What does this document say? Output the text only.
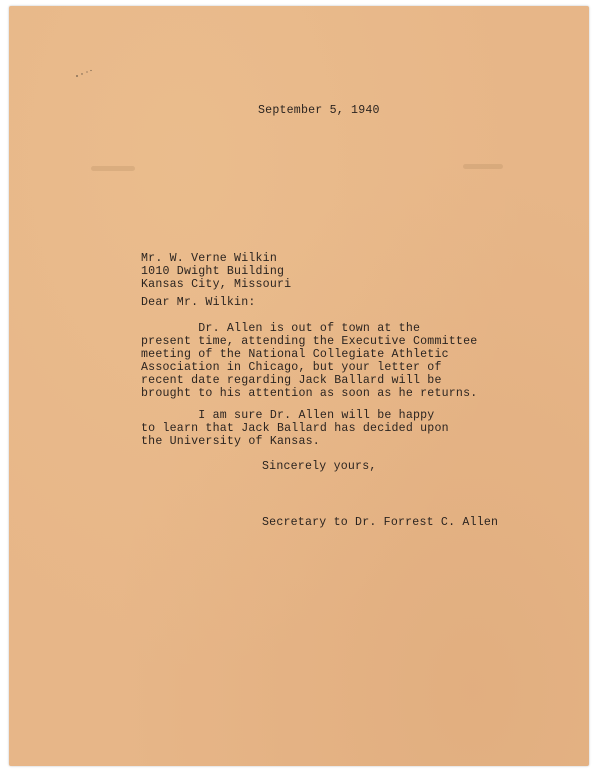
September 5, 1940
Mr. W. Verne Wilkin
1010 Dwight Building
Kansas City, Missouri
Dear Mr. Wilkin:
Dr. Allen is out of town at the
present time, attending the Executive Committee
meeting of the National Collegiate Athletic
Association in Chicago, but your letter of
recent date regarding Jack Ballard will be
brought to his attention as soon as he returns.
I am sure Dr. Allen will be happy
to learn that Jack Ballard has decided upon
the University of Kansas.
Sincerely yours,
Secretary to Dr. Forrest C. Allen
